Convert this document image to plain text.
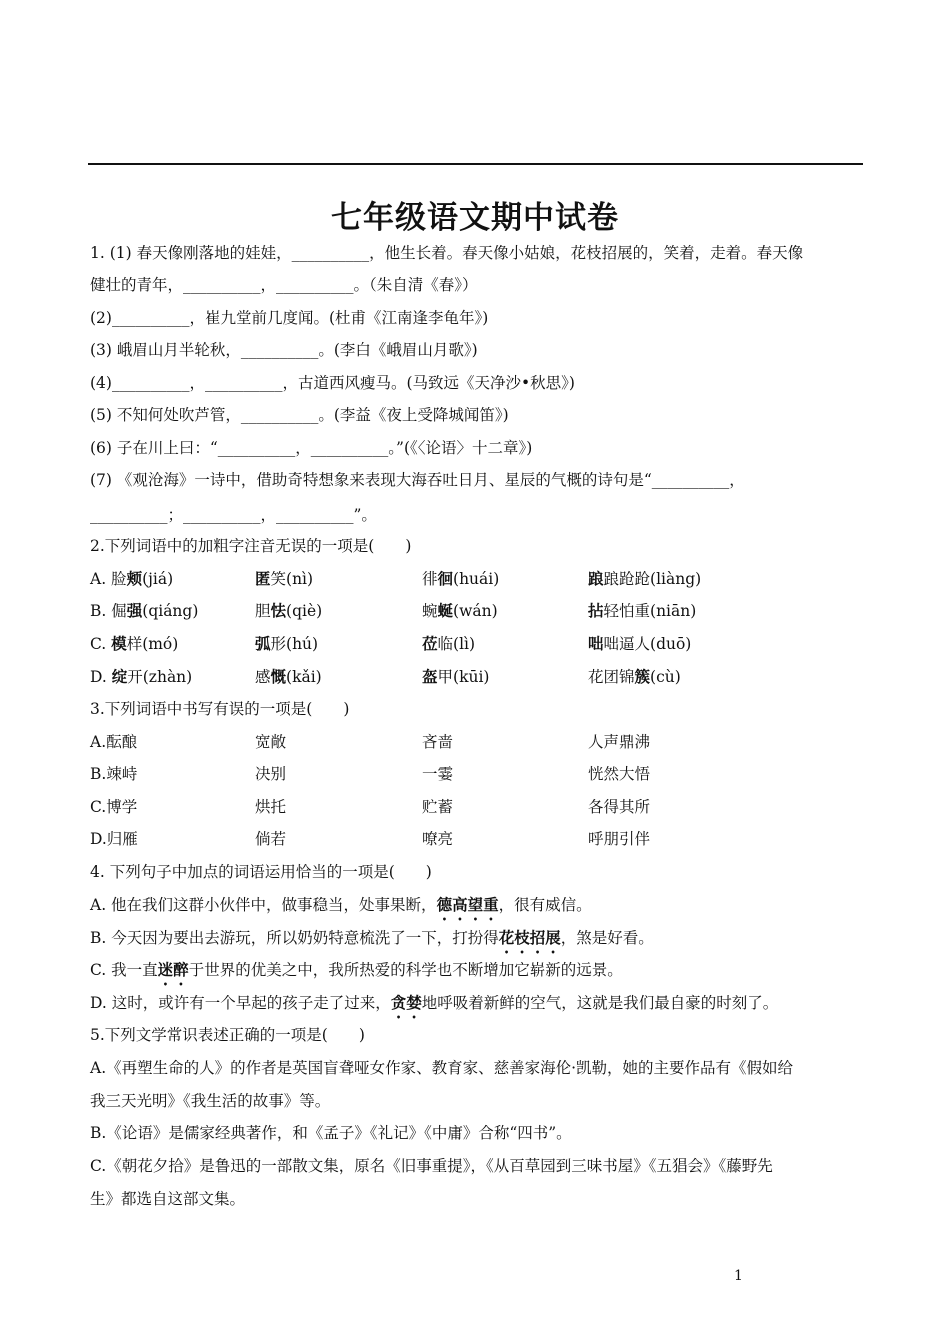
七年级语文期中试卷
1. (1) 春天像刚落地的娃娃，__________，他生长着。春天像小姑娘，花枝招展的，笑着，走着。春天像
健壮的青年，__________，__________。（朱自清《春》）
(2)__________，崔九堂前几度闻。(杜甫《江南逢李龟年》)
(3) 峨眉山月半轮秋，__________。(李白《峨眉山月歌》)
(4)__________，__________，古道西风瘦马。(马致远《天净沙•秋思》)
(5) 不知何处吹芦管，__________。(李益《夜上受降城闻笛》)
(6) 子在川上曰：“__________，__________。”(《〈论语〉十二章》)
(7) 《观沧海》一诗中，借助奇特想象来表现大海吞吐日月、星辰的气概的诗句是“__________，
__________；__________，__________”。
2.下列词语中的加粗字注音无误的一项是(　　)
A. 脸颊(jiá)	匿笑(nì)	徘徊(huái)	踉踉跄跄(liàng)
B. 倔强(qiáng)	胆怯(qiè)	蜿蜒(wán)	拈轻怕重(niān)
C. 模样(mó)	弧形(hú)	莅临(lì)	咄咄逼人(duō)
D. 绽开(zhàn)	感慨(kǎi)	盔甲(kūi)	花团锦簇(cù)
3.下列词语中书写有误的一项是(　　)
A.酝酿	宽敞	吝啬	人声鼎沸
B.竦峙	决别	一霎	恍然大悟
C.博学	烘托	贮蓄	各得其所
D.归雁	倘若	嘹亮	呼朋引伴
4. 下列句子中加点的词语运用恰当的一项是(　　)
A. 他在我们这群小伙伴中，做事稳当，处事果断，德高望重，很有威信。
B. 今天因为要出去游玩，所以奶奶特意梳洗了一下，打扮得花枝招展，煞是好看。
C. 我一直迷醉于世界的优美之中，我所热爱的科学也不断增加它崭新的远景。
D. 这时，或许有一个早起的孩子走了过来，贪婪地呼吸着新鲜的空气，这就是我们最自豪的时刻了。
5.下列文学常识表述正确的一项是(　　)
A.《再塑生命的人》的作者是英国盲聋哑女作家、教育家、慈善家海伦·凯勒，她的主要作品有《假如给
我三天光明》《我生活的故事》等。
B.《论语》是儒家经典著作，和《孟子》《礼记》《中庸》合称“四书”。
C.《朝花夕拾》是鲁迅的一部散文集，原名《旧事重提》，《从百草园到三味书屋》《五猖会》《藤野先
生》都选自这部文集。
1
